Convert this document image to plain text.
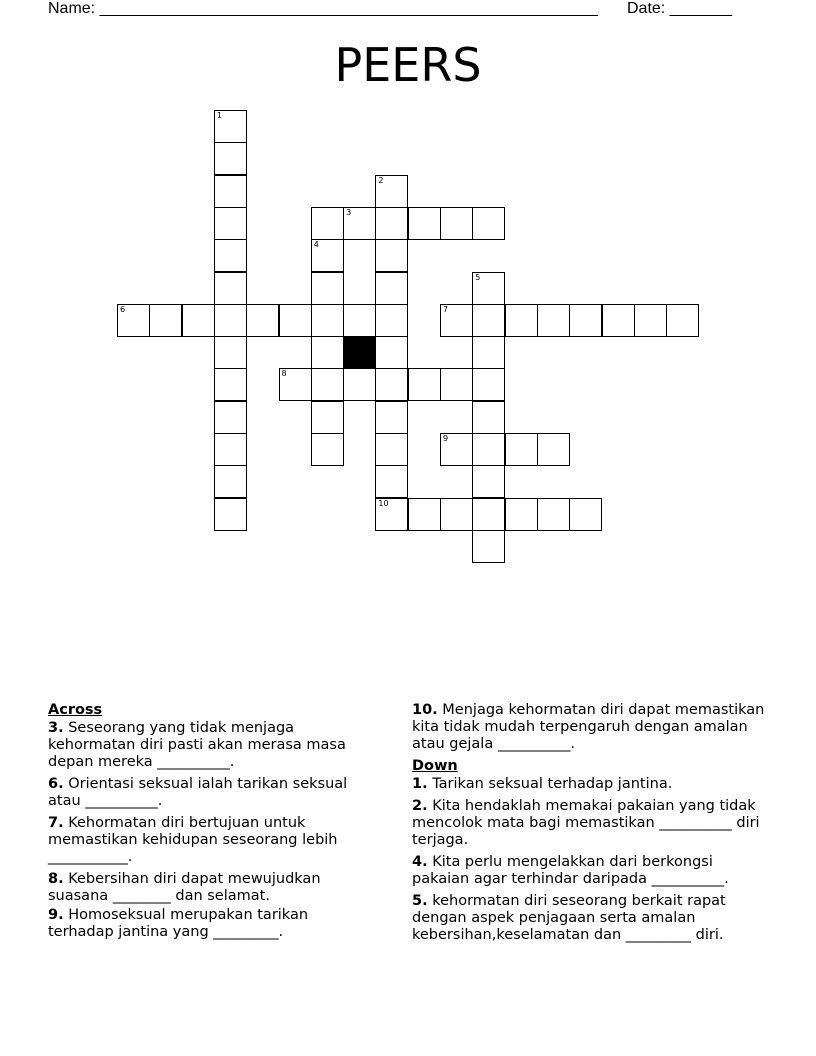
Name: ________________________________________________________ Date: _______
PEERS
1
2
10
4
5
3
6	7
8
9
Across
3. Seseorang yang tidak menjaga kehormatan diri pasti akan merasa masa depan mereka __________.
6. Orientasi seksual ialah tarikan seksual atau __________.
7. Kehormatan diri bertujuan untuk memastikan kehidupan seseorang lebih ___________.
8. Kebersihan diri dapat mewujudkan suasana ________ dan selamat.
9. Homoseksual merupakan tarikan terhadap jantina yang _________.
10. Menjaga kehormatan diri dapat memastikan kita tidak mudah terpengaruh dengan amalan atau gejala __________.
Down
1. Tarikan seksual terhadap jantina.
2. Kita hendaklah memakai pakaian yang tidak mencolok mata bagi memastikan __________ diri terjaga.
4. Kita perlu mengelakkan dari berkongsi pakaian agar terhindar daripada __________.
5. kehormatan diri seseorang berkait rapat dengan aspek penjagaan serta amalan kebersihan,keselamatan dan _________ diri.
